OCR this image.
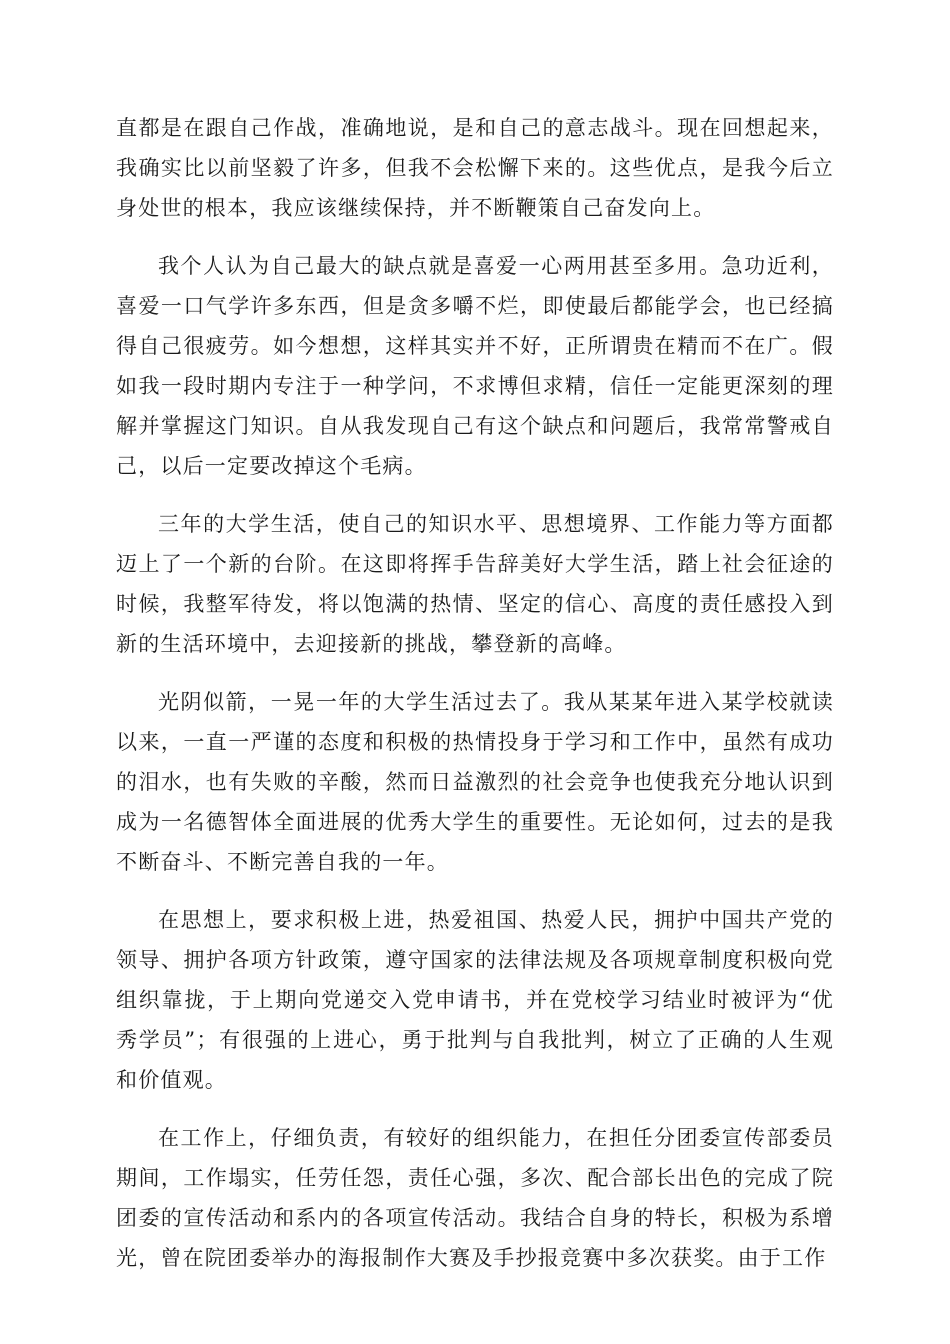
直都是在跟自己作战，准确地说，是和自己的意志战斗。现在回想起来，我确实比以前坚毅了许多，但我不会松懈下来的。这些优点，是我今后立身处世的根本，我应该继续保持，并不断鞭策自己奋发向上。

我个人认为自己最大的缺点就是喜爱一心两用甚至多用。急功近利，喜爱一口气学许多东西，但是贪多嚼不烂，即使最后都能学会，也已经搞得自己很疲劳。如今想想，这样其实并不好，正所谓贵在精而不在广。假如我一段时期内专注于一种学问，不求博但求精，信任一定能更深刻的理解并掌握这门知识。自从我发现自己有这个缺点和问题后，我常常警戒自己，以后一定要改掉这个毛病。

三年的大学生活，使自己的知识水平、思想境界、工作能力等方面都迈上了一个新的台阶。在这即将挥手告辞美好大学生活，踏上社会征途的时候，我整军待发，将以饱满的热情、坚定的信心、高度的责任感投入到新的生活环境中，去迎接新的挑战，攀登新的高峰。

光阴似箭，一晃一年的大学生活过去了。我从某某年进入某学校就读以来，一直一严谨的态度和积极的热情投身于学习和工作中，虽然有成功的泪水，也有失败的辛酸，然而日益激烈的社会竞争也使我充分地认识到成为一名德智体全面进展的优秀大学生的重要性。无论如何，过去的是我不断奋斗、不断完善自我的一年。

在思想上，要求积极上进，热爱祖国、热爱人民，拥护中国共产党的领导、拥护各项方针政策，遵守国家的法律法规及各项规章制度积极向党组织靠拢，于上期向党递交入党申请书，并在党校学习结业时被评为“优秀学员”；有很强的上进心，勇于批判与自我批判，树立了正确的人生观和价值观。

在工作上，仔细负责，有较好的组织能力，在担任分团委宣传部委员期间，工作塌实，任劳任怨，责任心强，多次、配合部长出色的完成了院团委的宣传活动和系内的各项宣传活动。我结合自身的特长，积极为系增光，曾在院团委举办的海报制作大赛及手抄报竞赛中多次获奖。由于工作
